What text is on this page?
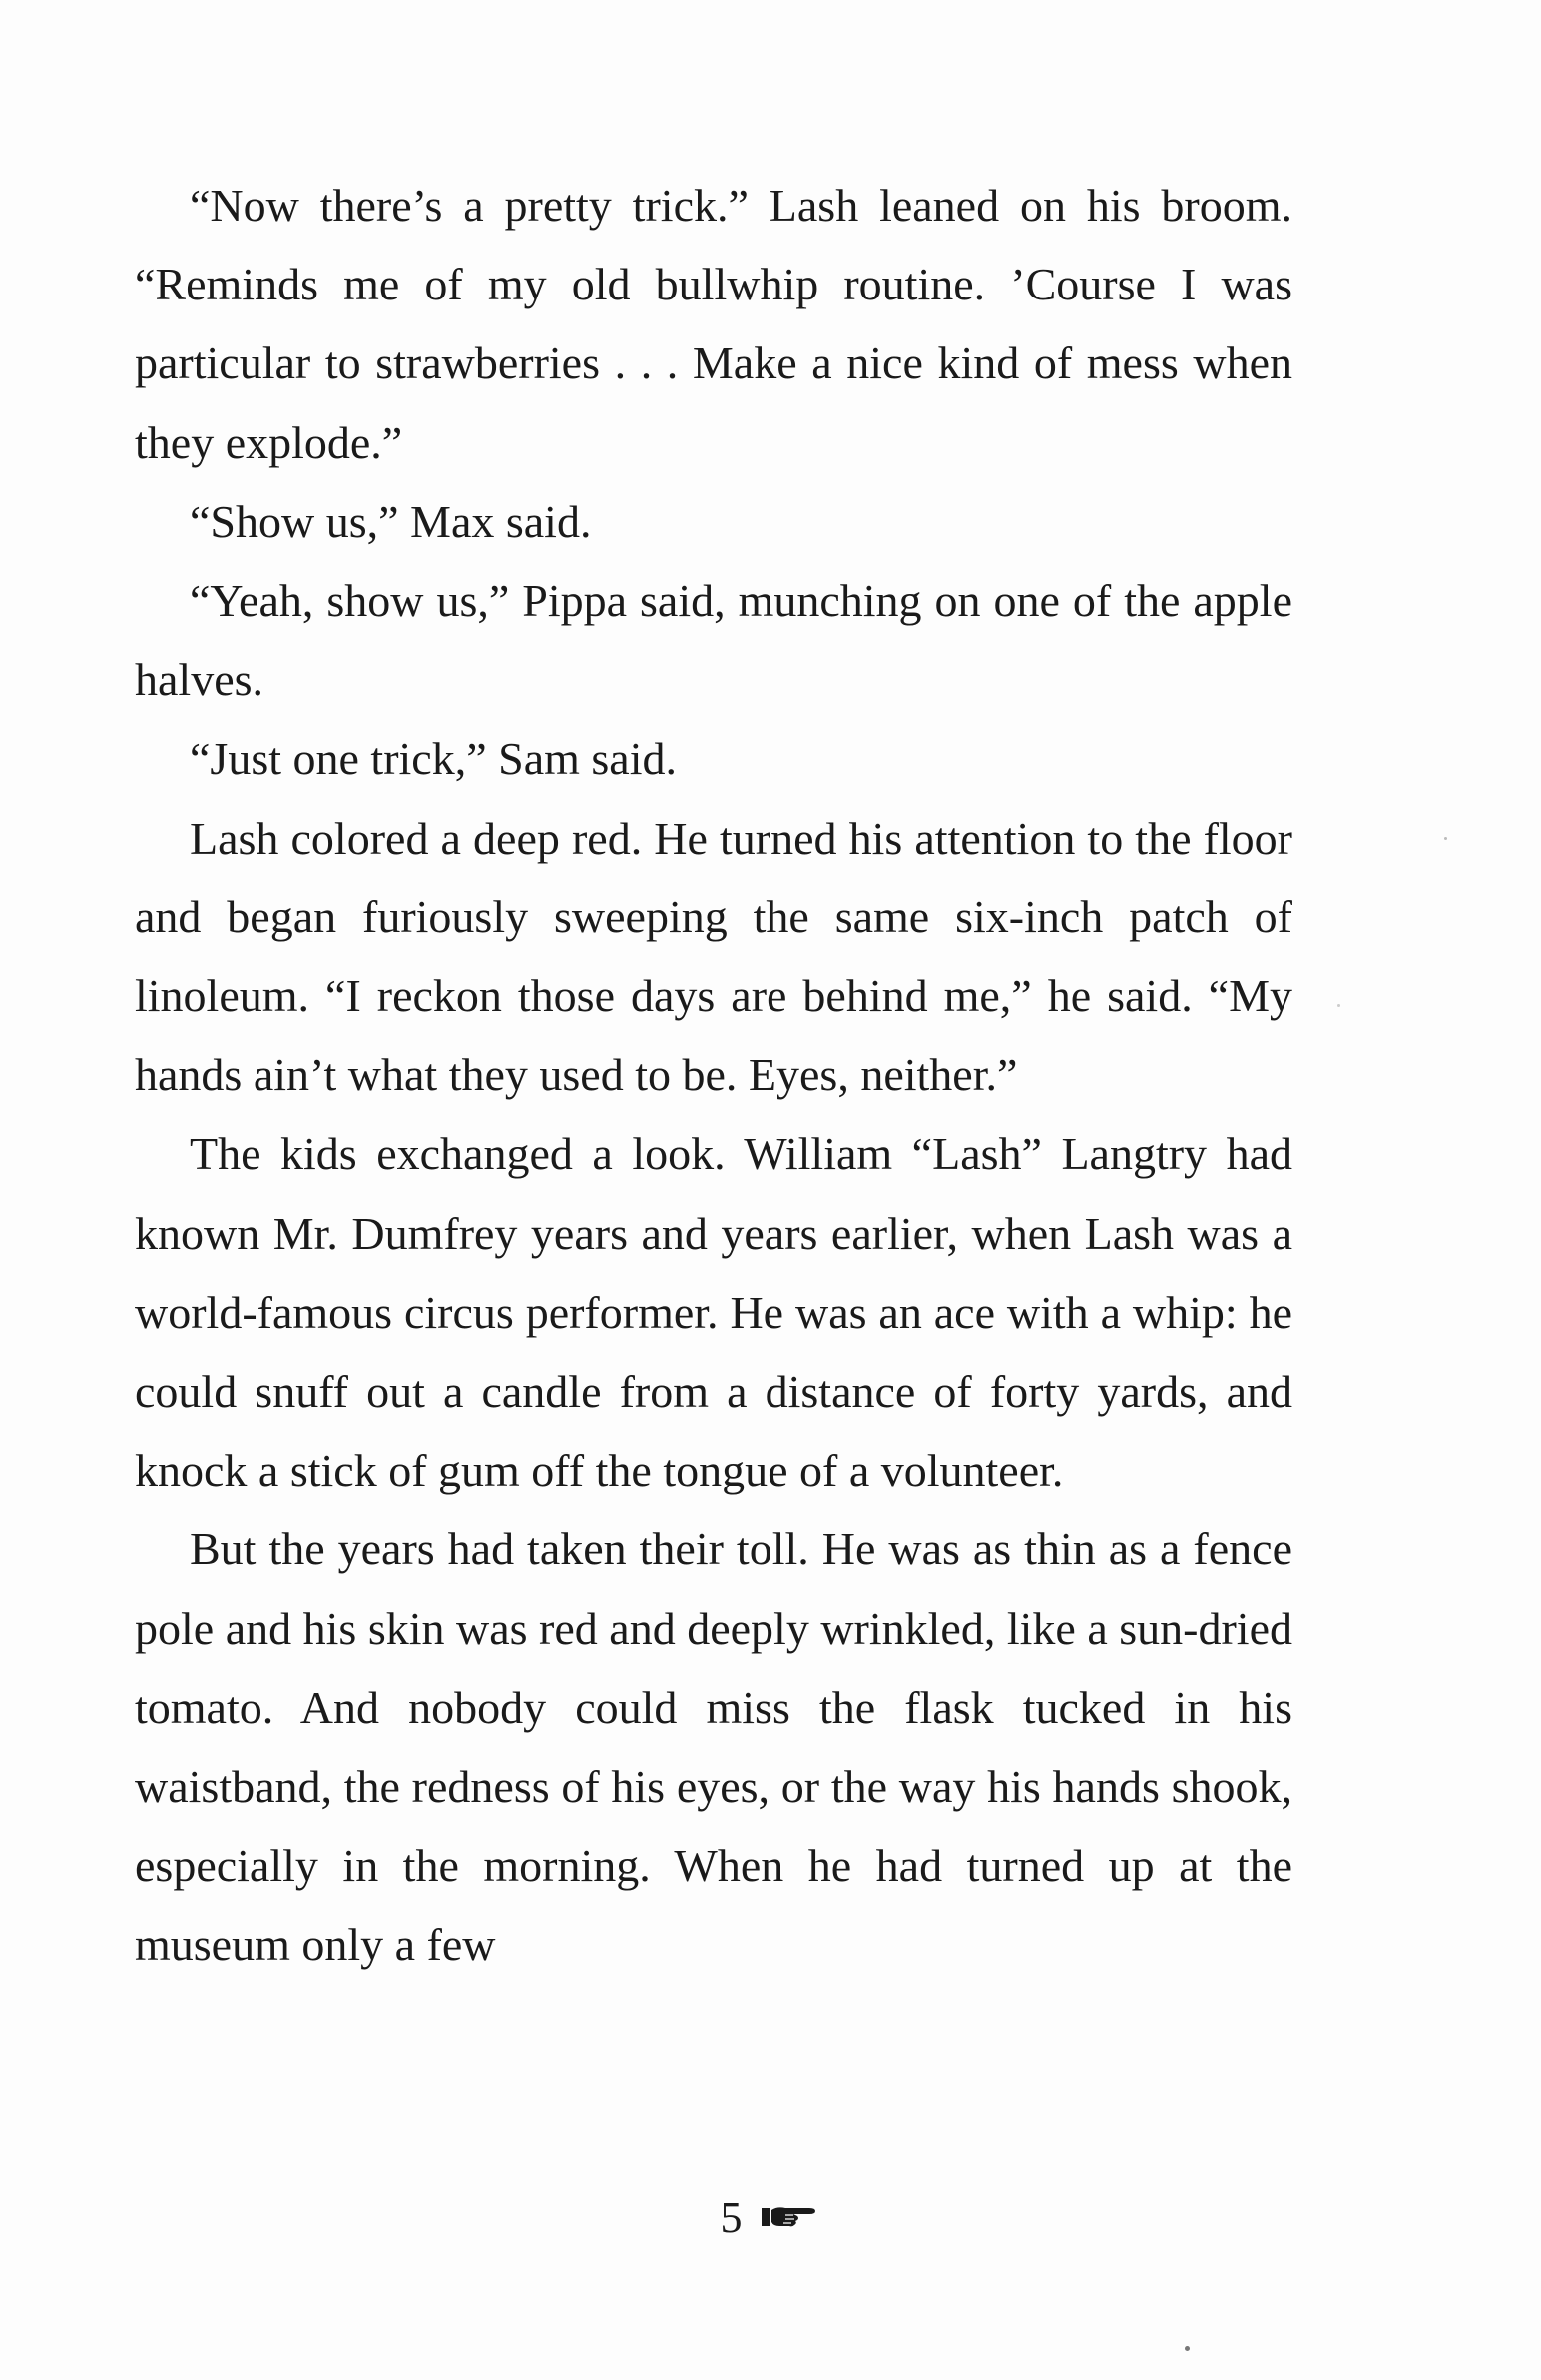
“Now there’s a pretty trick.” Lash leaned on his broom. “Reminds me of my old bullwhip routine. ’Course I was particular to strawberries . . . Make a nice kind of mess when they explode.”

“Show us,” Max said.

“Yeah, show us,” Pippa said, munching on one of the apple halves.

“Just one trick,” Sam said.

Lash colored a deep red. He turned his attention to the floor and began furiously sweeping the same six-inch patch of linoleum. “I reckon those days are behind me,” he said. “My hands ain’t what they used to be. Eyes, neither.”

The kids exchanged a look. William “Lash” Langtry had known Mr. Dumfrey years and years earlier, when Lash was a world-famous circus performer. He was an ace with a whip: he could snuff out a candle from a distance of forty yards, and knock a stick of gum off the tongue of a volunteer.

But the years had taken their toll. He was as thin as a fence pole and his skin was red and deeply wrinkled, like a sun-dried tomato. And nobody could miss the flask tucked in his waistband, the redness of his eyes, or the way his hands shook, especially in the morning. When he had turned up at the museum only a few

5
